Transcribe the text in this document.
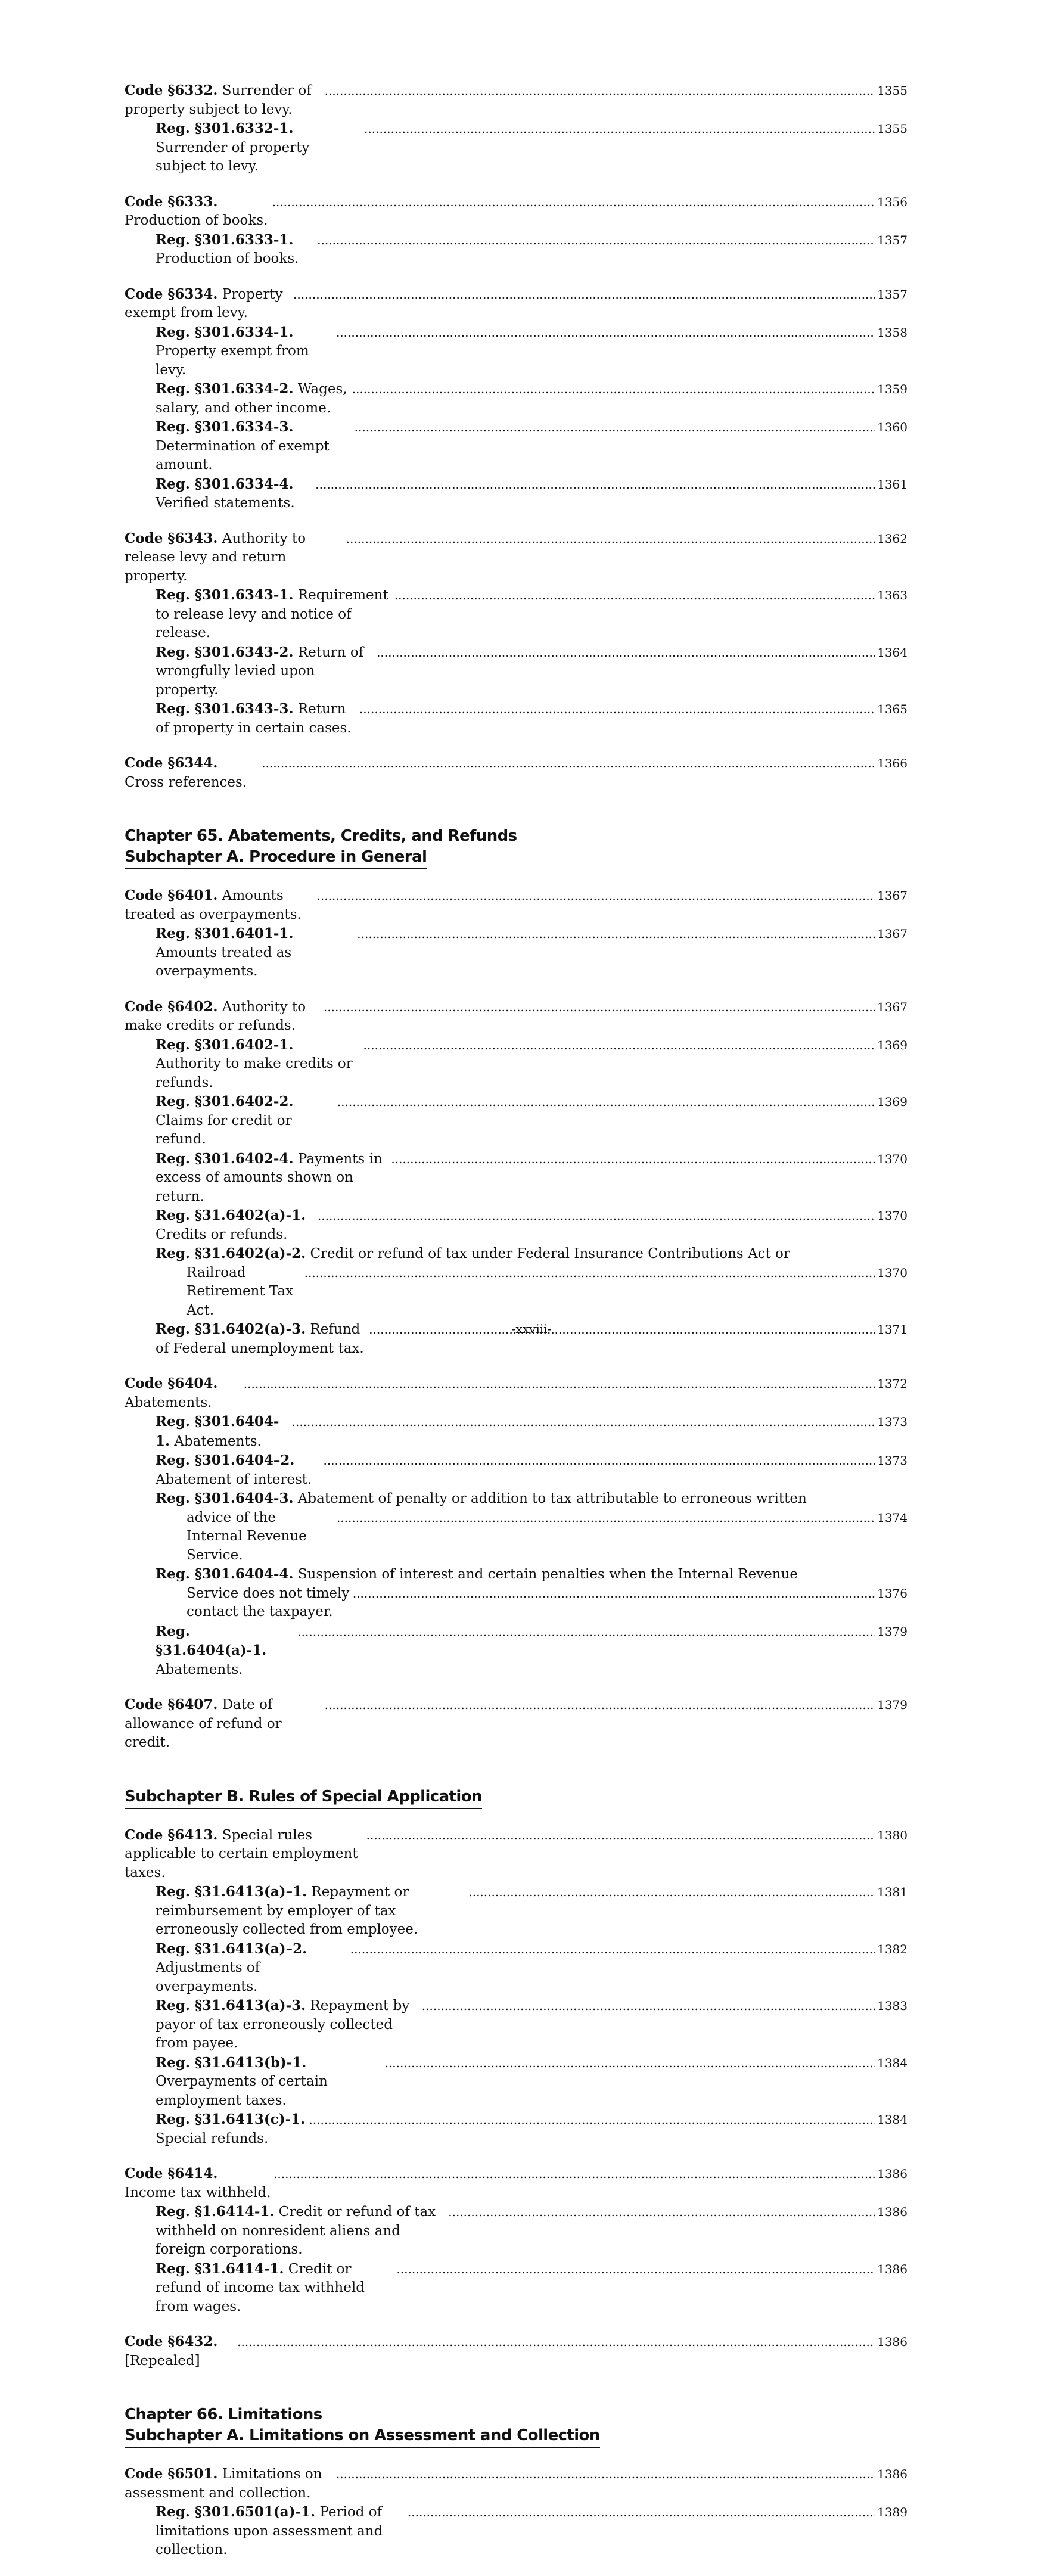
Code §6332. Surrender of property subject to levy.
.....
1355
Reg. §301.6332-1. Surrender of property subject to levy.
.....
1355
Code §6333. Production of books.
.....
1356
Reg. §301.6333-1. Production of books.
.....
1357
Code §6334. Property exempt from levy.
.....
1357
Reg. §301.6334-1. Property exempt from levy.
.....
1358
Reg. §301.6334-2. Wages, salary, and other income.
.....
1359
Reg. §301.6334-3. Determination of exempt amount.
.....
1360
Reg. §301.6334-4. Verified statements.
.....
1361
Code §6343. Authority to release levy and return property.
.....
1362
Reg. §301.6343-1. Requirement to release levy and notice of release.
.....
1363
Reg. §301.6343-2. Return of wrongfully levied upon property.
.....
1364
Reg. §301.6343-3. Return of property in certain cases.
.....
1365
Code §6344. Cross references.
.....
1366
Chapter 65. Abatements, Credits, and Refunds
Subchapter A. Procedure in General
Code §6401. Amounts treated as overpayments.
.....
1367
Reg. §301.6401-1. Amounts treated as overpayments.
.....
1367
Code §6402. Authority to make credits or refunds.
.....
1367
Reg. §301.6402-1. Authority to make credits or refunds.
.....
1369
Reg. §301.6402-2. Claims for credit or refund.
.....
1369
Reg. §301.6402-4. Payments in excess of amounts shown on return.
.....
1370
Reg. §31.6402(a)-1. Credits or refunds.
.....
1370
Reg. §31.6402(a)-2. Credit or refund of tax under Federal Insurance Contributions Act or
Railroad Retirement Tax Act.
.....
1370
Reg. §31.6402(a)-3. Refund of Federal unemployment tax.
.....
1371
Code §6404. Abatements.
.....
1372
Reg. §301.6404-1. Abatements.
.....
1373
Reg. §301.6404–2. Abatement of interest.
.....
1373
Reg. §301.6404-3. Abatement of penalty or addition to tax attributable to erroneous written
advice of the Internal Revenue Service.
.....
1374
Reg. §301.6404-4. Suspension of interest and certain penalties when the Internal Revenue
Service does not timely contact the taxpayer.
.....
1376
Reg. §31.6404(a)-1. Abatements.
.....
1379
Code §6407. Date of allowance of refund or credit.
.....
1379
Subchapter B. Rules of Special Application
Code §6413. Special rules applicable to certain employment taxes.
.....
1380
Reg. §31.6413(a)–1. Repayment or reimbursement by employer of tax erroneously collected from employee.
.....
1381
Reg. §31.6413(a)–2. Adjustments of overpayments.
.....
1382
Reg. §31.6413(a)-3. Repayment by payor of tax erroneously collected from payee.
.....
1383
Reg. §31.6413(b)-1. Overpayments of certain employment taxes.
.....
1384
Reg. §31.6413(c)-1. Special refunds.
.....
1384
Code §6414. Income tax withheld.
.....
1386
Reg. §1.6414-1. Credit or refund of tax withheld on nonresident aliens and foreign corporations.
.....
1386
Reg. §31.6414-1. Credit or refund of income tax withheld from wages.
.....
1386
Code §6432. [Repealed]
.....
1386
Chapter 66. Limitations
Subchapter A. Limitations on Assessment and Collection
Code §6501. Limitations on assessment and collection.
.....
1386
Reg. §301.6501(a)-1. Period of limitations upon assessment and collection.
.....
1389
-xxviii-
